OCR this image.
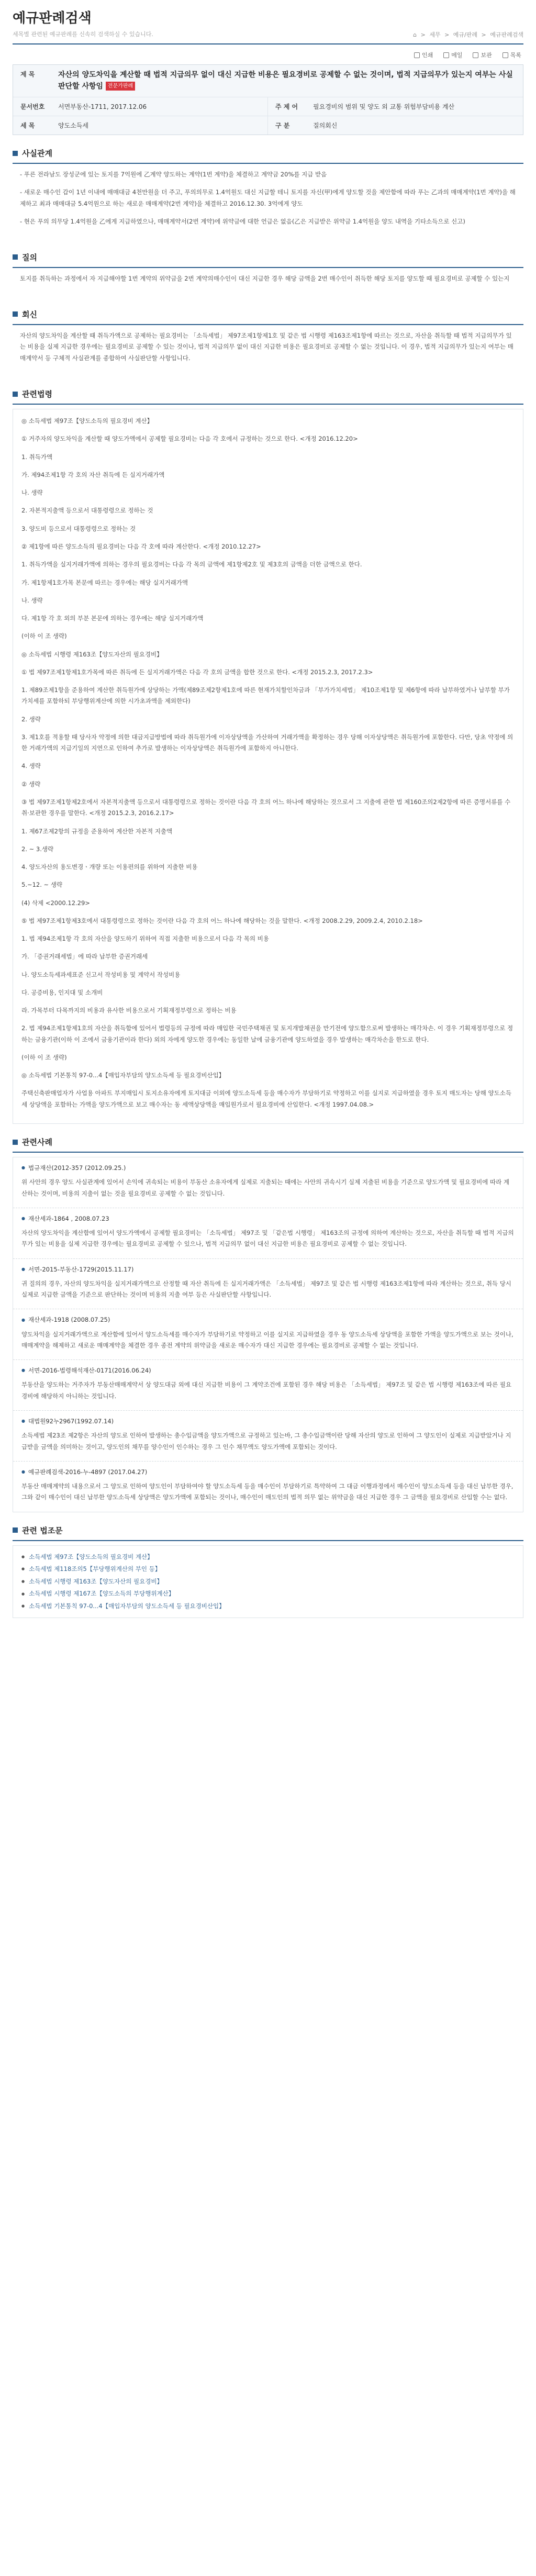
예규판례검색
세목별 관련된 예규판례를 신속히 검색하실 수 있습니다.	⌂ > 세무 > 예규/판례 > 예규판례검색
인쇄	메일	보관	목록
제 목	자산의 양도차익을 계산할 때 법적 지급의무 없이 대신 지급한 비용은 필요경비로 공제할 수 없는 것이며, 법적 지급의무가 있는지 여부는 사실판단할 사항임 전문가판례
문서번호	서면부동산-1711, 2017.12.06	주 제 어	필요경비의 범위 및 양도 외 교통 위험부담비용 계산
세 목	양도소득세	구 분	질의회신
사실관계

- 푸른 전라남도 장성군에 있는 토지를 7억원에 乙계약 양도하는 계약(1번 계약)을 체결하고 계약금 20%를 지급 받음

- 새로운 매수인 갑이 1년 이내에 매매대금 4천만원을 더 주고, 푸의의무로 1.4억원도 대신 지급할 테니 토지를 자신(甲)에게 양도할 것을 제안함에 따라 푸는 乙과의 매매계약(1번 계약)을 해제하고 최과 매매대금 5.4억원으로 하는 새로운 매매계약(2번 계약)을 체결하고 2016.12.30. 3억에게 양도

- 현은 푸의 의무당 1.4억원을 乙에게 지급하였으나, 매매계약서(2번 계약)에 위약금에 대한 언급은 없음(乙은 지급받은 위약금 1.4억원을 양도 내역을 기타소득으로 신고)

질의

토지를 취득하는 과정에서 자 지급해야할 1번 계약의 위약금을 2번 계약의매수인이 대신 지급한 경우 해당 금액을 2번 매수인이 취득한 해당 토지를 양도할 때 필요경비로 공제할 수 있는지

회신

자산의 양도차익을 계산할 때 취득가액으로 공제하는 필요경비는 「소득세법」 제97조제1항제1호 및 같은 법 시행령 제163조제1항에 따르는 것으로, 자산을 취득할 때 법적 지급의무가 있는 비용을 실제 지급한 경우에는 필요경비로 공제할 수 있는 것이나, 법적 지급의무 없이 대신 지급한 비용은 필요경비로 공제할 수 없는 것입니다. 이 경우, 법적 지급의무가 있는지 여부는 매매계약서 등 구체적 사실관계를 종합하여 사실판단할 사항입니다.

관련법령

◎ 소득세법 제97조【양도소득의 필요경비 계산】

① 거주자의 양도차익을 계산할 때 양도가액에서 공제할 필요경비는 다음 각 호에서 규정하는 것으로 한다. <개정 2016.12.20>

1. 취득가액

가. 제94조제1항 각 호의 자산 취득에 든 실지거래가액

나. 생략

2. 자본적지출액 등으로서 대통령령으로 정하는 것

3. 양도비 등으로서 대통령령으로 정하는 것

② 제1항에 따른 양도소득의 필요경비는 다음 각 호에 따라 계산한다. <개정 2010.12.27>

1. 취득가액을 실지거래가액에 의하는 경우의 필요경비는 다음 각 목의 금액에 제1항제2호 및 제3호의 금액을 더한 금액으로 한다.

가. 제1항제1호가목 본문에 따르는 경우에는 해당 실지거래가액

나. 생략

다. 제1항 각 호 외의 부분 본문에 의하는 경우에는 해당 실지거래가액

(이하 이 조 생략)

◎ 소득세법 시행령 제163조【양도자산의 필요경비】

① 법 제97조제1항제1호가목에 따른 취득에 든 실지거래가액은 다음 각 호의 금액을 합한 것으로 한다. <개정 2015.2.3, 2017.2.3>

1. 제89조제1항을 준용하여 계산한 취득원가에 상당하는 가액(제89조제2항제1호에 따른 현재가치할인차금과 「부가가치세법」 제10조제1항 및 제6항에 따라 납부하였거나 납부할 부가가치세를 포함하되 부당행위계산에 의한 시가초과액을 제외한다)

2. 생략

3. 제1호를 적용할 때 당사자 약정에 의한 대금지급방법에 따라 취득원가에 이자상당액을 가산하여 거래가액을 확정하는 경우 당해 이자상당액은 취득원가에 포함한다. 다만, 당초 약정에 의한 거래가액의 지급기일의 지연으로 인하여 추가로 발생하는 이자상당액은 취득원가에 포함하지 아니한다.

4. 생략

② 생략

③ 법 제97조제1항제2호에서 자본적지출액 등으로서 대통령령으로 정하는 것이란 다음 각 호의 어느 하나에 해당하는 것으로서 그 지출에 관한 법 제160조의2제2항에 따른 증명서류를 수취·보관한 경우를 말한다. <개정 2015.2.3, 2016.2.17>

1. 제67조제2항의 규정을 준용하여 계산한 자본적 지출액

2. ~ 3.생략

4. 양도자산의 용도변경ㆍ개량 또는 이용편의를 위하여 지출한 비용

5.~12. ~ 생략

(4) 삭제 <2000.12.29>

⑤ 법 제97조제1항제3호에서 대통령령으로 정하는 것이란 다음 각 호의 어느 하나에 해당하는 것을 말한다. <개정 2008.2.29, 2009.2.4, 2010.2.18>

1. 법 제94조제1항 각 호의 자산을 양도하기 위하여 직접 지출한 비용으로서 다음 각 목의 비용

가. 「증권거래세법」에 따라 납부한 증권거래세

나. 양도소득세과세표준 신고서 작성비용 및 계약서 작성비용

다. 공증비용, 인지대 및 소개비

라. 가목부터 다목까지의 비용과 유사한 비용으로서 기획재정부령으로 정하는 비용

2. 법 제94조제1항제1호의 자산을 취득함에 있어서 법령등의 규정에 따라 매입한 국민주택채권 및 토지개발채권을 만기전에 양도함으로써 발생하는 매각차손. 이 경우 기획재정부령으로 정하는 금융기관(이하 이 조에서 금융기관이라 한다) 외의 자에게 양도한 경우에는 동일한 날에 금융기관에 양도하였을 경우 발생하는 매각차손을 한도로 한다.

(이하 이 조 생략)

◎ 소득세법 기본통칙 97-0...4【매입자부담의 양도소득세 등 필요경비산입】

주택신축판매업자가 사업용 아파트 부지매입시 토지소유자에게 토지대금 이외에 양도소득세 등을 매수자가 부담하기로 약정하고 이를 실지로 지급하였을 경우 토지 매도자는 당해 양도소득세 상당액을 포함하는 가액을 양도가액으로 보고 매수자는 동 세액상당액을 매입원가로서 필요경비에 산입한다. <개정 1997.04.08.>

관련사례
● 법규재산(2012-357 (2012.09.25.)

위 사안의 경우 양도 사실관계에 있어서 손익에 귀속되는 비용이 부동산 소유자에게 실제로 지출되는 때에는 사안의 귀속시기 실제 지출된 비용을 기준으로 양도가액 및 필요경비에 따라 계산하는 것이며, 비용의 지출이 없는 것을 필요경비로 공제할 수 없는 것입니다.

● 재산세과-1864 , 2008.07.23

자산의 양도차익을 계산함에 있어서 양도가액에서 공제할 필요경비는 「소득세법」 제97조 및 「같은법 시행령」 제163조의 규정에 의하여 계산하는 것으로, 자산을 취득할 때 법적 지급의무가 있는 비용을 실제 지급한 경우에는 필요경비로 공제할 수 있으나, 법적 지급의무 없이 대신 지급한 비용은 필요경비로 공제할 수 없는 것입니다.

● 서면-2015-부동산-1729(2015.11.17)

귀 질의의 경우, 자산의 양도차익을 실지거래가액으로 산정할 때 자산 취득에 든 실지거래가액은 「소득세법」 제97조 및 같은 법 시행령 제163조제1항에 따라 계산하는 것으로, 취득 당시 실제로 지급한 금액을 기준으로 판단하는 것이며 비용의 지출 여부 등은 사실판단할 사항입니다.

● 재산세과-1918 (2008.07.25)

양도차익을 실지거래가액으로 계산함에 있어서 양도소득세를 매수자가 부담하기로 약정하고 이를 실지로 지급하였을 경우 동 양도소득세 상당액을 포함한 가액을 양도가액으로 보는 것이나, 매매계약을 해제하고 새로운 매매계약을 체결한 경우 종전 계약의 위약금을 새로운 매수자가 대신 지급한 경우에는 필요경비로 공제할 수 없는 것입니다.

● 서면-2016-법령해석재산-0171(2016.06.24)

부동산을 양도하는 거주자가 부동산매매계약서 상 양도대금 외에 대신 지급한 비용이 그 계약조건에 포함된 경우 해당 비용은 「소득세법」 제97조 및 같은 법 시행령 제163조에 따른 필요경비에 해당하지 아니하는 것입니다.

● 대법원92누2967(1992.07.14)

소득세법 제23조 제2항은 자산의 양도로 인하여 발생하는 총수입금액을 양도가액으로 규정하고 있는바, 그 총수입금액이란 당해 자산의 양도로 인하여 그 양도인이 실제로 지급받았거나 지급받을 금액을 의미하는 것이고, 양도인의 채무를 양수인이 인수하는 경우 그 인수 채무액도 양도가액에 포함되는 것이다.

● 예규판례검색-2016-누-4897 (2017.04.27)

부동산 매매계약의 내용으로서 그 양도로 인하여 양도인이 부담하여야 할 양도소득세 등을 매수인이 부담하기로 특약하여 그 대금 이행과정에서 매수인이 양도소득세 등을 대신 납부한 경우, 그와 같이 매수인이 대신 납부한 양도소득세 상당액은 양도가액에 포함되는 것이나, 매수인이 매도인의 법적 의무 없는 위약금을 대신 지급한 경우 그 금액을 필요경비로 산입할 수는 없다.

관련 법조문
● 소득세법 제97조【양도소득의 필요경비 계산】
● 소득세법 제118조의5【부당행위계산의 부인 등】
● 소득세법 시행령 제163조【양도자산의 필요경비】
● 소득세법 시행령 제167조【양도소득의 부당행위계산】
● 소득세법 기본통칙 97-0...4【매입자부담의 양도소득세 등 필요경비산입】
